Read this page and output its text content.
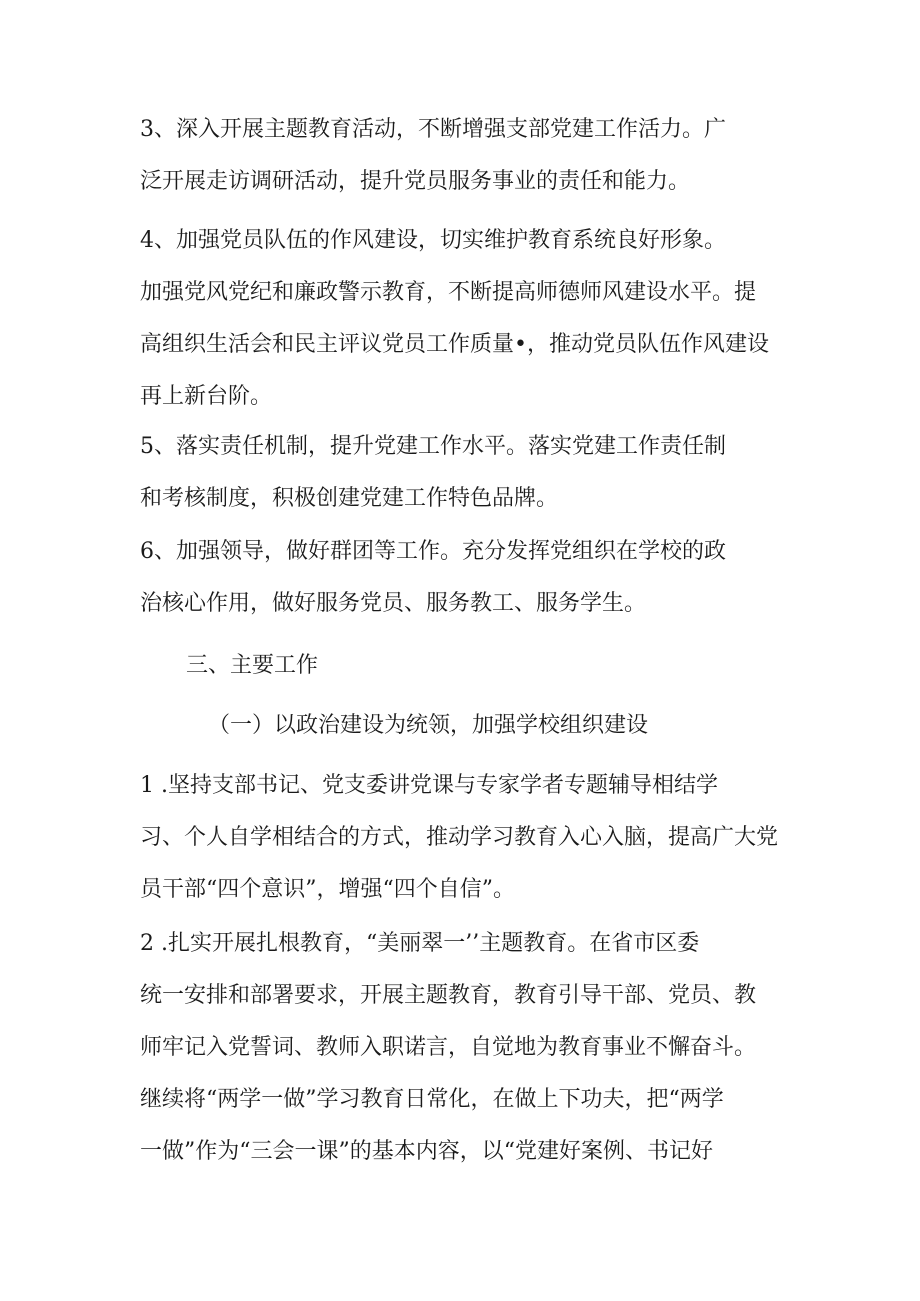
3、深入开展主题教育活动，不断增强支部党建工作活力。广
泛开展走访调研活动，提升党员服务事业的责任和能力。
4、加强党员队伍的作风建设，切实维护教育系统良好形象。
加强党风党纪和廉政警示教育，不断提高师德师风建设水平。提
高组织生活会和民主评议党员工作质量•，推动党员队伍作风建设
再上新台阶。
5、落实责任机制，提升党建工作水平。落实党建工作责任制
和考核制度，积极创建党建工作特色品牌。
6、加强领导，做好群团等工作。充分发挥党组织在学校的政
治核心作用，做好服务党员、服务教工、服务学生。
三、主要工作
（一）以政治建设为统领，加强学校组织建设
1 .坚持支部书记、党支委讲党课与专家学者专题辅导相结学
习、个人自学相结合的方式，推动学习教育入心入脑，提高广大党
员干部“四个意识”，增强“四个自信”。
2 .扎实开展扎根教育，“美丽翠一’’主题教育。在省市区委
统一安排和部署要求，开展主题教育，教育引导干部、党员、教
师牢记入党誓词、教师入职诺言，自觉地为教育事业不懈奋斗。
继续将“两学一做”学习教育日常化，在做上下功夫，把“两学
一做”作为“三会一课”的基本内容，以“党建好案例、书记好
